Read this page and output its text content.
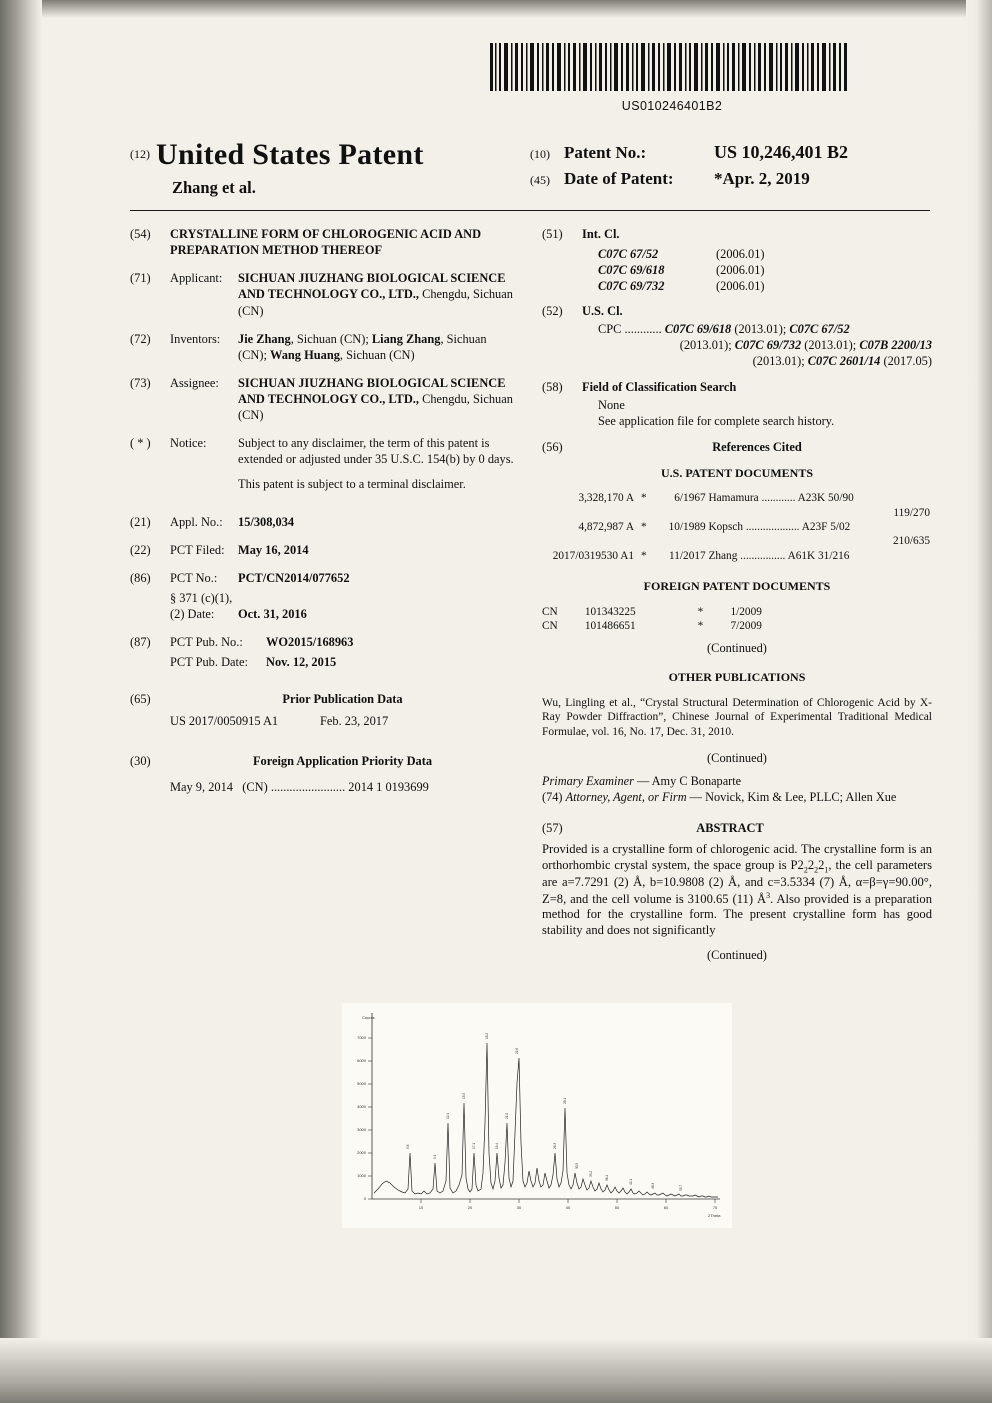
US010246401B2
$^{(12)}$ United States Patent
Zhang et al.
(10) Patent No.:	US 10,246,401 B2
(45) Date of Patent:	*Apr. 2, 2019
(54)	CRYSTALLINE FORM OF CHLOROGENIC ACID AND PREPARATION METHOD THEREOF
(71)	Applicant:	SICHUAN JIUZHANG BIOLOGICAL SCIENCE AND TECHNOLOGY CO., LTD., Chengdu, Sichuan (CN)
(72)	Inventors:	Jie Zhang, Sichuan (CN); Liang Zhang, Sichuan (CN); Wang Huang, Sichuan (CN)
(73)	Assignee:	SICHUAN JIUZHANG BIOLOGICAL SCIENCE AND TECHNOLOGY CO., LTD., Chengdu, Sichuan (CN)
( * )	Notice:	Subject to any disclaimer, the term of this patent is extended or adjusted under 35 U.S.C. 154(b) by 0 days.
This patent is subject to a terminal disclaimer.
(21)	Appl. No.:	15/308,034
(22)	PCT Filed:	May 16, 2014
(86)	PCT No.:	PCT/CN2014/077652
§ 371 (c)(1),
(2) Date:	Oct. 31, 2016
(87)	PCT Pub. No.:	WO2015/168963
PCT Pub. Date:	Nov. 12, 2015
(65)	Prior Publication Data
US 2017/0050915 A1	Feb. 23, 2017
(30)	Foreign Application Priority Data
May 9, 2014 (CN) ........................ 2014 1 0193699
(51)	Int. Cl.
C07C 67/52	(2006.01)
C07C 69/618	(2006.01)
C07C 69/732	(2006.01)
(52)	U.S. Cl.
CPC ............ C07C 69/618 (2013.01); C07C 67/52
(2013.01); C07C 69/732 (2013.01); C07B 2200/13
(2013.01); C07C 2601/14 (2017.05)
(58)	Field of Classification Search
None
See application file for complete search history.
(56)	References Cited
U.S. PATENT DOCUMENTS
3,328,170 A * 6/1967 Hamamura ............ A23K 50/90
119/270
4,872,987 A * 10/1989 Kopsch ................... A23F 5/02
210/635
2017/0319530 A1 * 11/2017 Zhang ................ A61K 31/216
FOREIGN PATENT DOCUMENTS
CN 101343225	* 1/2009
CN 101486651	* 7/2009
(Continued)
OTHER PUBLICATIONS
Wu, Lingling et al., “Crystal Structural Determination of Chlorogenic Acid by X-Ray Powder Diffraction”, Chinese Journal of Experimental Traditional Medical Formulae, vol. 16, No. 17, Dec. 31, 2010.
(Continued)
Primary Examiner — Amy C Bonaparte
(74) Attorney, Agent, or Firm — Novick, Kim & Lee, PLLC; Allen Xue
(57)	ABSTRACT
Provided is a crystalline form of chlorogenic acid. The crystalline form is an orthorhombic crystal system, the space group is $P2_22_22_1$, the cell parameters are a=7.7291 (2) Å, b=10.9808 (2) Å, and c=3.5334 (7) Å, α=β=γ=90.00°, Z=8, and the cell volume is 3100.65 (11) $Å^3$. Also provided is a preparation method for the crystalline form. The present crystalline form has good stability and does not significantly
(Continued)
0
1000
2000
3000
4000
5000
6000
7000
Counts
10	20	30	40	50	60	70
2Theta
5.8
9.1
12.4
15.5
17.1
18.2
19.4
21.0
22.6
26.3
28.1
30.5
33.2
36.4
42.1
48.3	55.7
